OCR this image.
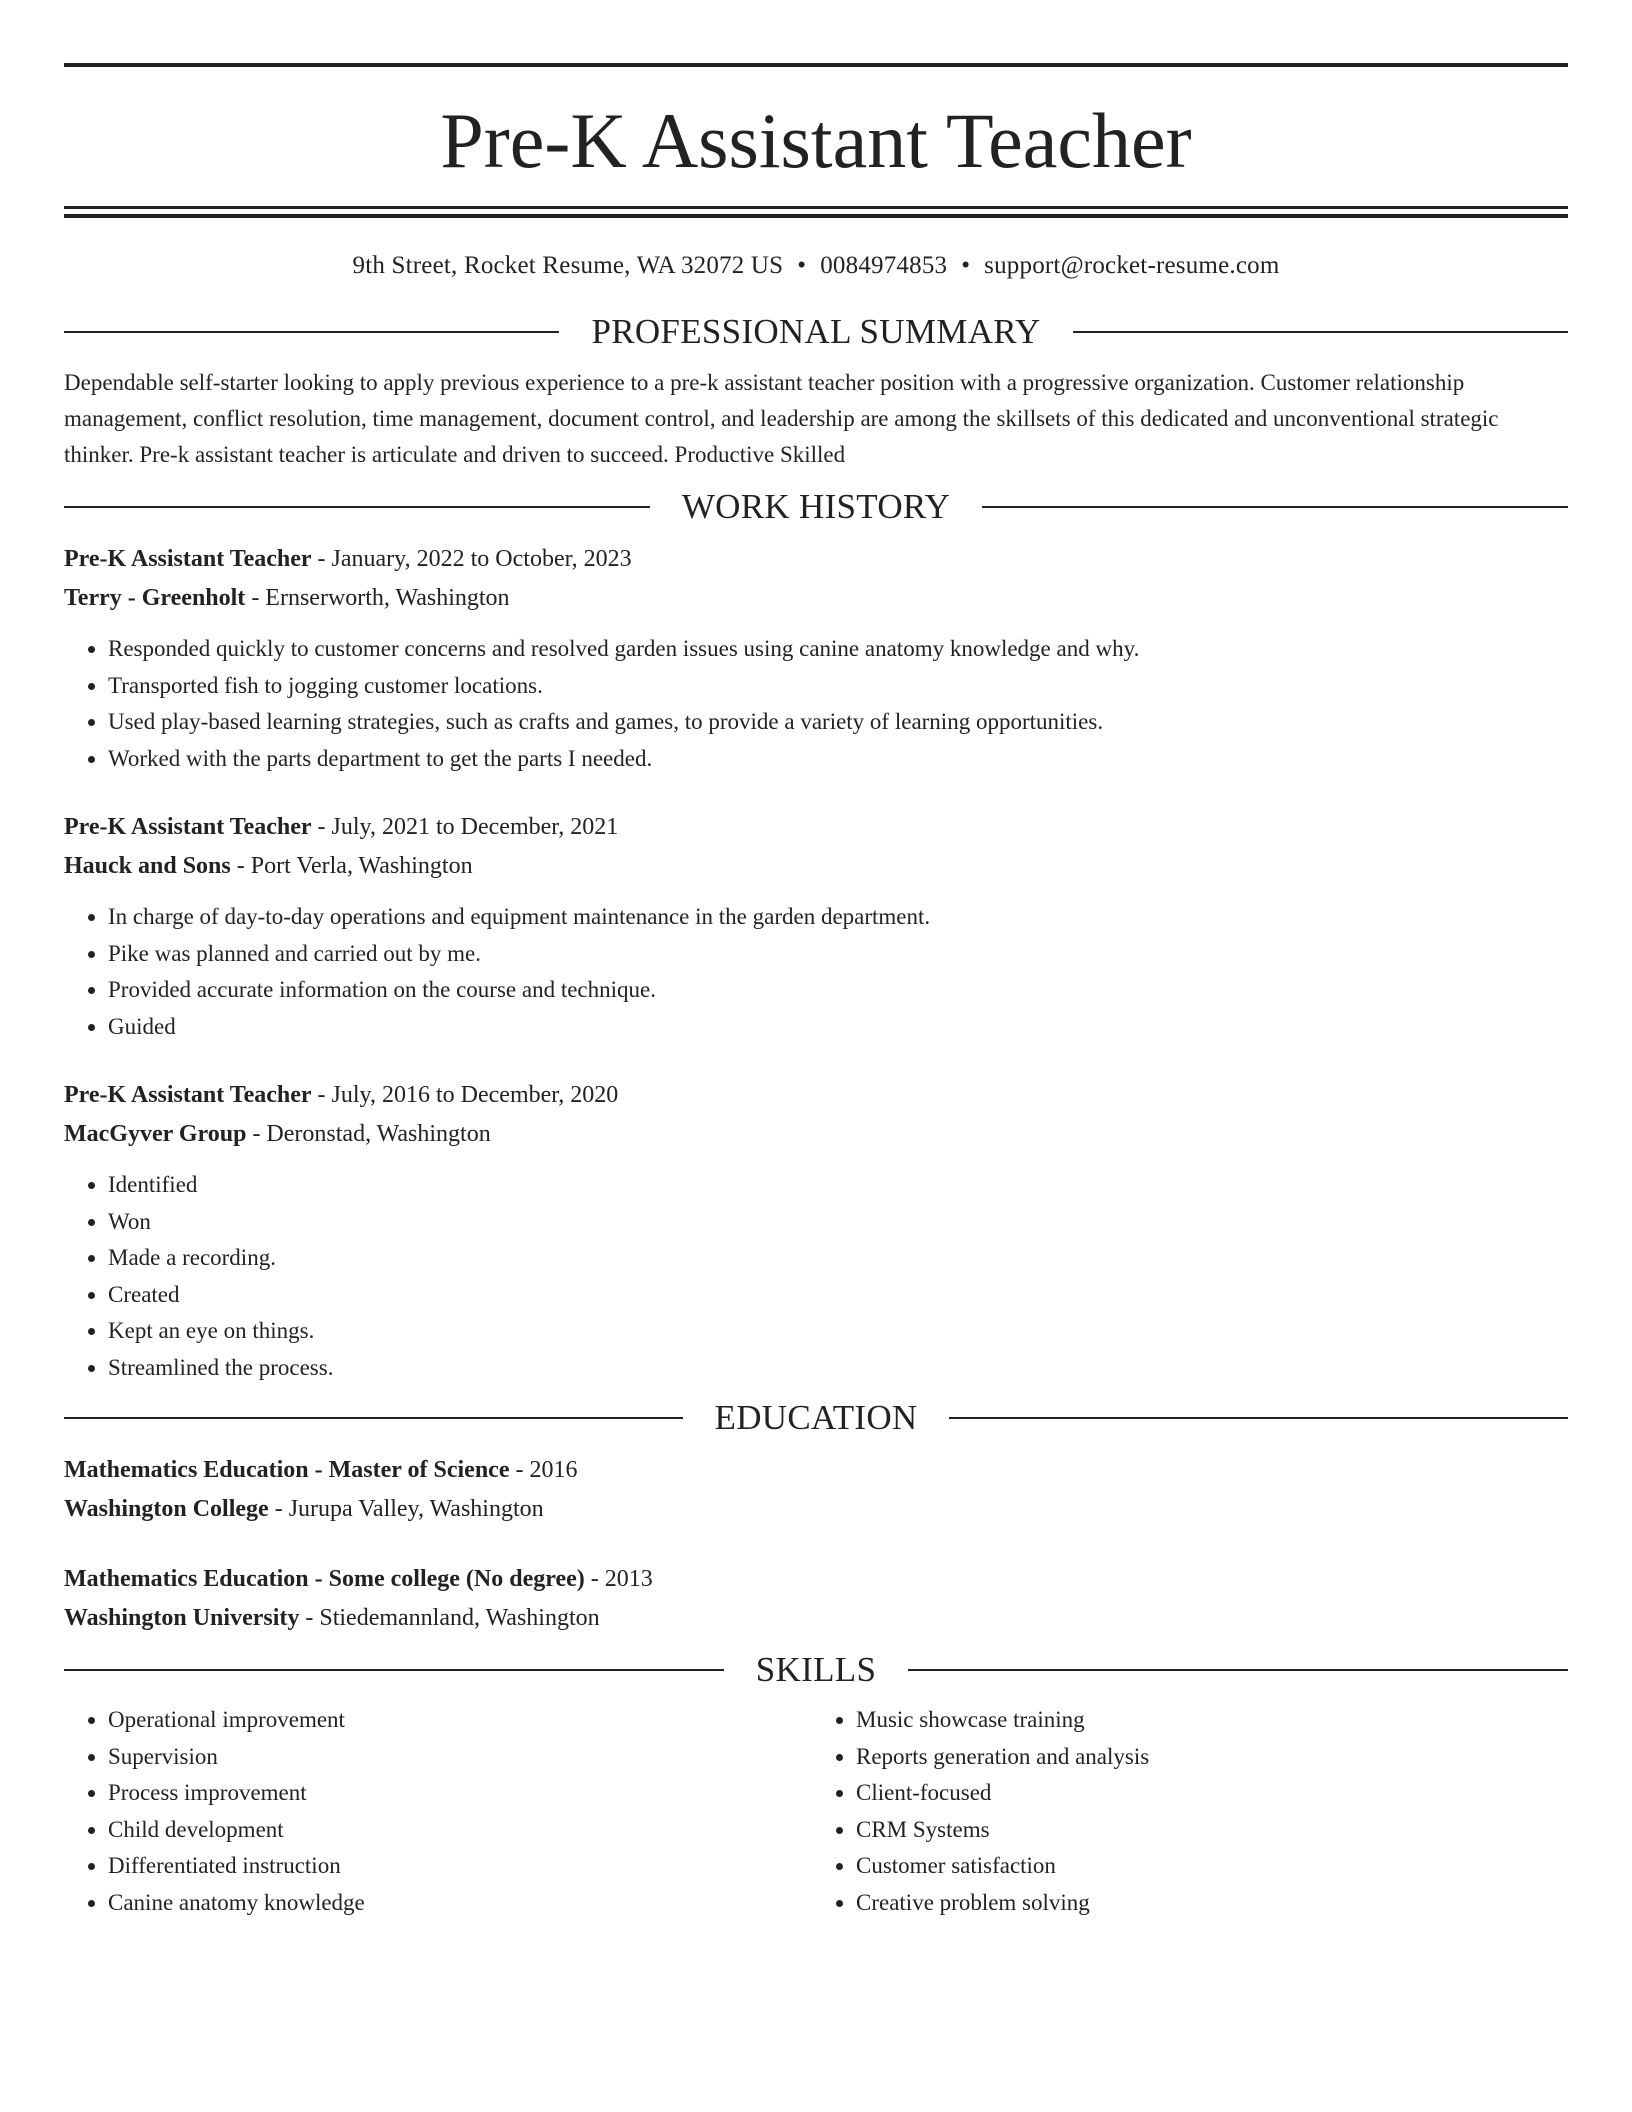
Pre-K Assistant Teacher
9th Street, Rocket Resume, WA 32072 US • 0084974853 • support@rocket-resume.com
PROFESSIONAL SUMMARY

Dependable self-starter looking to apply previous experience to a pre-k assistant teacher position with a progressive organization. Customer relationship management, conflict resolution, time management, document control, and leadership are among the skillsets of this dedicated and unconventional strategic thinker. Pre-k assistant teacher is articulate and driven to succeed. Productive Skilled

WORK HISTORY
Pre-K Assistant Teacher - January, 2022 to October, 2023
Terry - Greenholt - Ernserworth, Washington
• Responded quickly to customer concerns and resolved garden issues using canine anatomy knowledge and why.
• Transported fish to jogging customer locations.
• Used play-based learning strategies, such as crafts and games, to provide a variety of learning opportunities.
• Worked with the parts department to get the parts I needed.
Pre-K Assistant Teacher - July, 2021 to December, 2021
Hauck and Sons - Port Verla, Washington
• In charge of day-to-day operations and equipment maintenance in the garden department.
• Pike was planned and carried out by me.
• Provided accurate information on the course and technique.
• Guided
Pre-K Assistant Teacher - July, 2016 to December, 2020
MacGyver Group - Deronstad, Washington
• Identified
• Won
• Made a recording.
• Created
• Kept an eye on things.
• Streamlined the process.
EDUCATION
Mathematics Education - Master of Science - 2016
Washington College - Jurupa Valley, Washington
Mathematics Education - Some college (No degree) - 2013
Washington University - Stiedemannland, Washington
SKILLS
• Operational improvement
• Supervision
• Process improvement
• Child development
• Differentiated instruction
• Canine anatomy knowledge
• Music showcase training
• Reports generation and analysis
• Client-focused
• CRM Systems
• Customer satisfaction
• Creative problem solving
